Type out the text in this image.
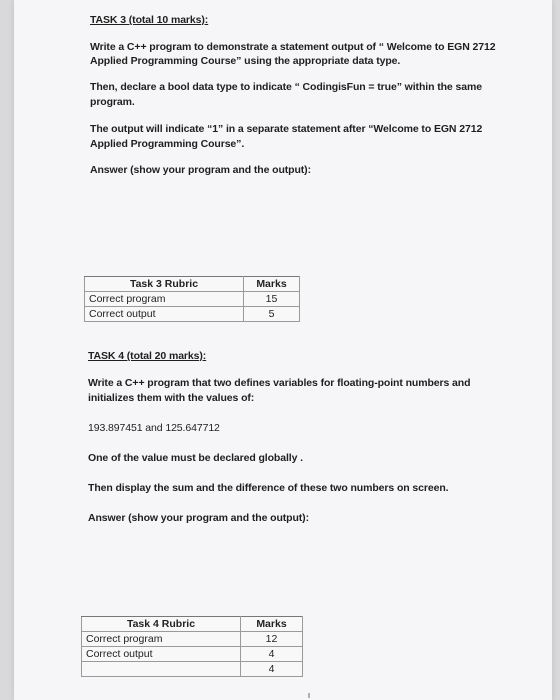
TASK 3 (total 10 marks):
Write a C++ program to demonstrate a statement output of “ Welcome to EGN 2712
Applied Programming Course” using the appropriate data type.
Then, declare a bool data type to indicate “ CodingisFun = true” within the same
program.
The output will indicate “1” in a separate statement after “Welcome to EGN 2712
Applied Programming Course”.
Answer (show your program and the output):
Task 3 Rubric	Marks
Correct program	15
Correct output	5
TASK 4 (total 20 marks):
Write a C++ program that two defines variables for floating-point numbers and
initializes them with the values of:
193.897451 and 125.647712
One of the value must be declared globally .
Then display the sum and the difference of these two numbers on screen.
Answer (show your program and the output):
Task 4 Rubric	Marks
Correct program	12
Correct output	4
	4
